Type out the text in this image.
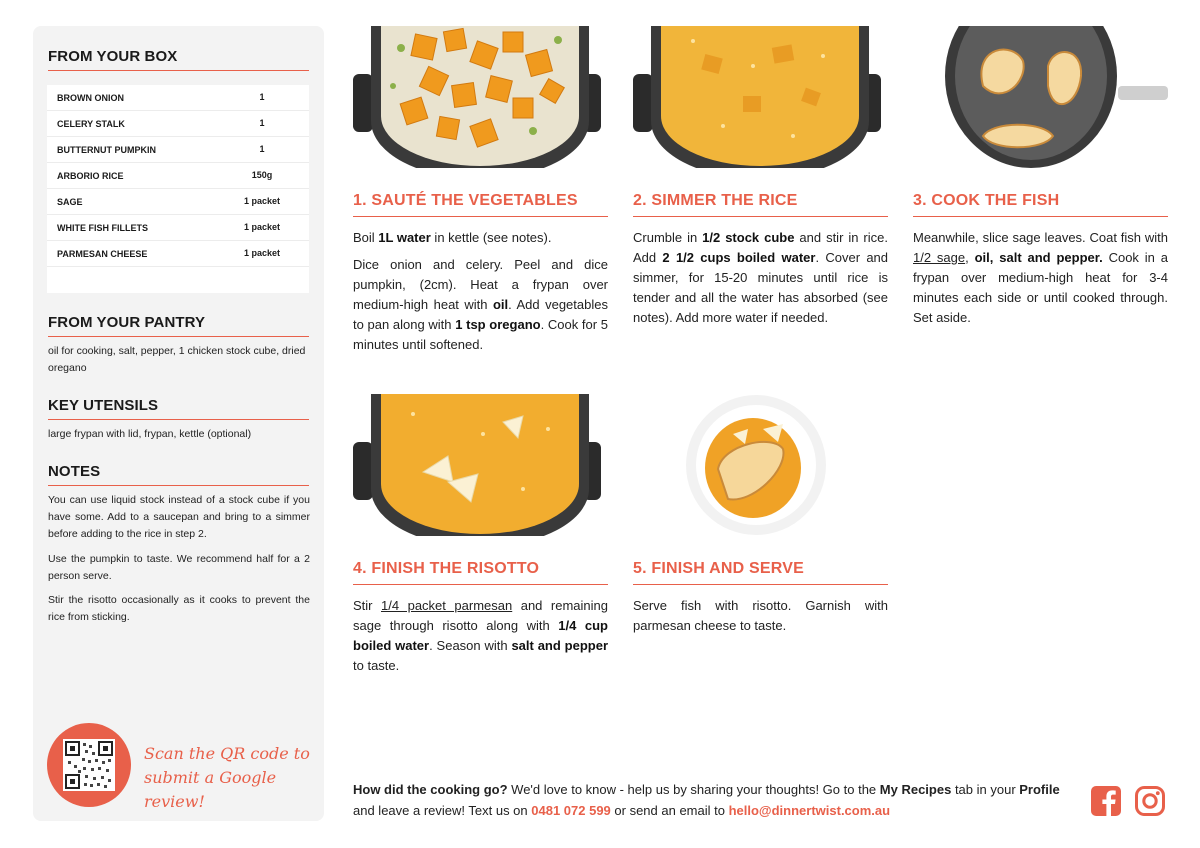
FROM YOUR BOX
BROWN ONION	1
CELERY STALK	1
BUTTERNUT PUMPKIN	1
ARBORIO RICE	150g
SAGE	1 packet
WHITE FISH FILLETS	1 packet
PARMESAN CHEESE	1 packet
FROM YOUR PANTRY
oil for cooking, salt, pepper, 1 chicken stock cube, dried oregano
KEY UTENSILS
large frypan with lid, frypan, kettle (optional)
NOTES
You can use liquid stock instead of a stock cube if you have some. Add to a saucepan and bring to a simmer before adding to the rice in step 2.
Use the pumpkin to taste. We recommend half for a 2 person serve.
Stir the risotto occasionally as it cooks to prevent the rice from sticking.
Scan the QR code to
submit a Google review!
1. SAUTÉ THE VEGETABLES
Boil 1L water in kettle (see notes).
Dice onion and celery. Peel and dice pumpkin, (2cm). Heat a frypan over medium-high heat with oil. Add vegetables to pan along with 1 tsp oregano. Cook for 5 minutes until softened.
2. SIMMER THE RICE
Crumble in 1/2 stock cube and stir in rice. Add 2 1/2 cups boiled water. Cover and simmer, for 15-20 minutes until rice is tender and all the water has absorbed (see notes). Add more water if needed.
3. COOK THE FISH
Meanwhile, slice sage leaves. Coat fish with 1/2 sage, oil, salt and pepper. Cook in a frypan over medium-high heat for 3-4 minutes each side or until cooked through. Set aside.
4. FINISH THE RISOTTO
Stir 1/4 packet parmesan and remaining sage through risotto along with 1/4 cup boiled water. Season with salt and pepper to taste.
5. FINISH AND SERVE
Serve fish with risotto. Garnish with parmesan cheese to taste.
How did the cooking go? We'd love to know - help us by sharing your thoughts! Go to the My Recipes tab in your Profile and leave a review! Text us on 0481 072 599 or send an email to hello@dinnertwist.com.au
